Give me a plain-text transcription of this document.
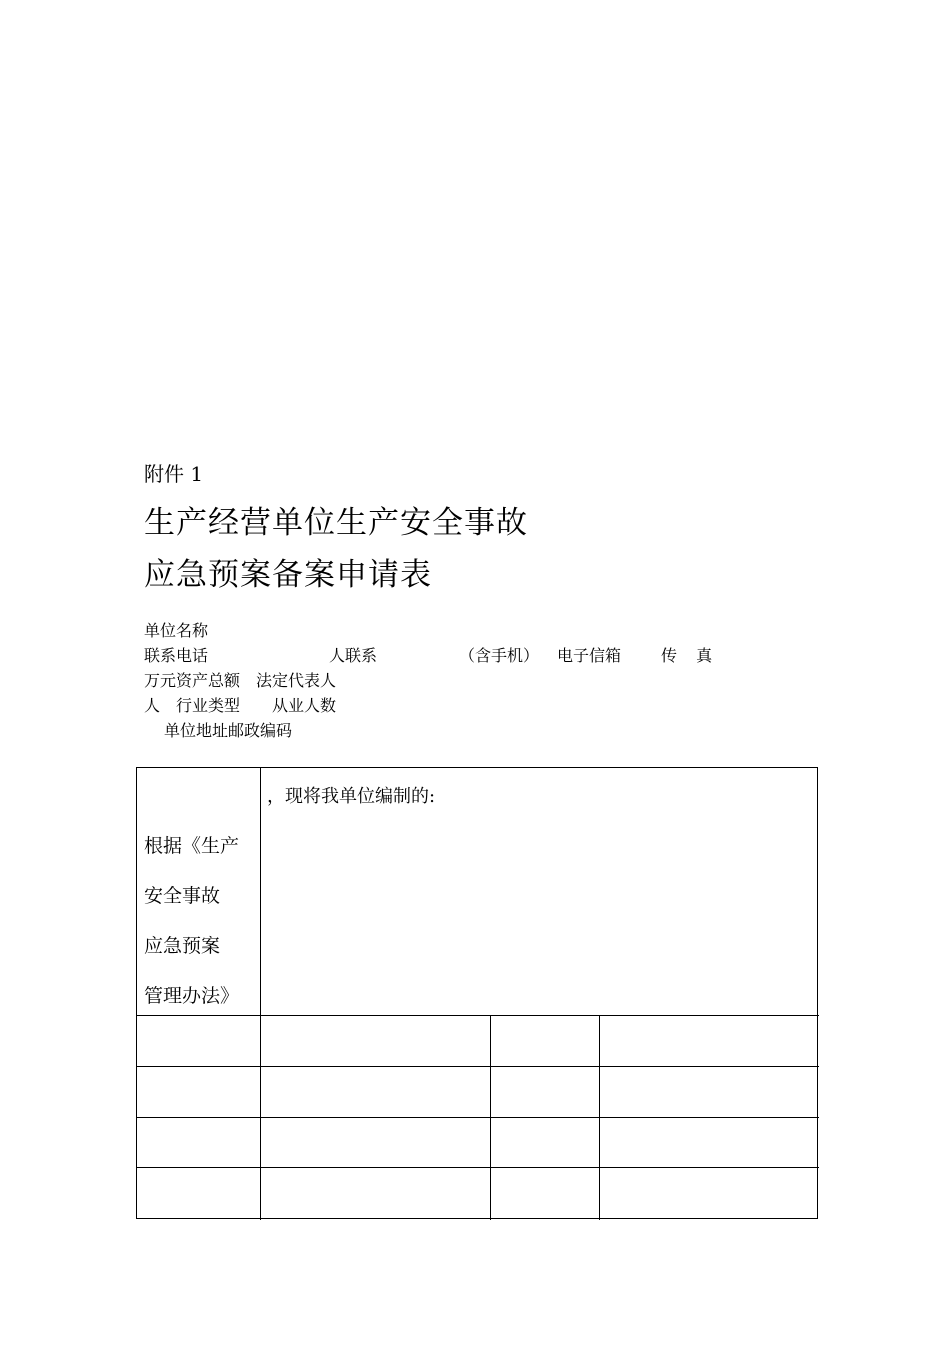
附件 1
生产经营单位生产安全事故
应急预案备案申请表
单位名称
联系电话	人联系	（含手机） 电子信箱 传 真
万元资产总额　法定代表人
人　行业类型　　从业人数
单位地址邮政编码
根据《生产
安全事故
应急预案
管理办法》
，现将我单位编制的:
